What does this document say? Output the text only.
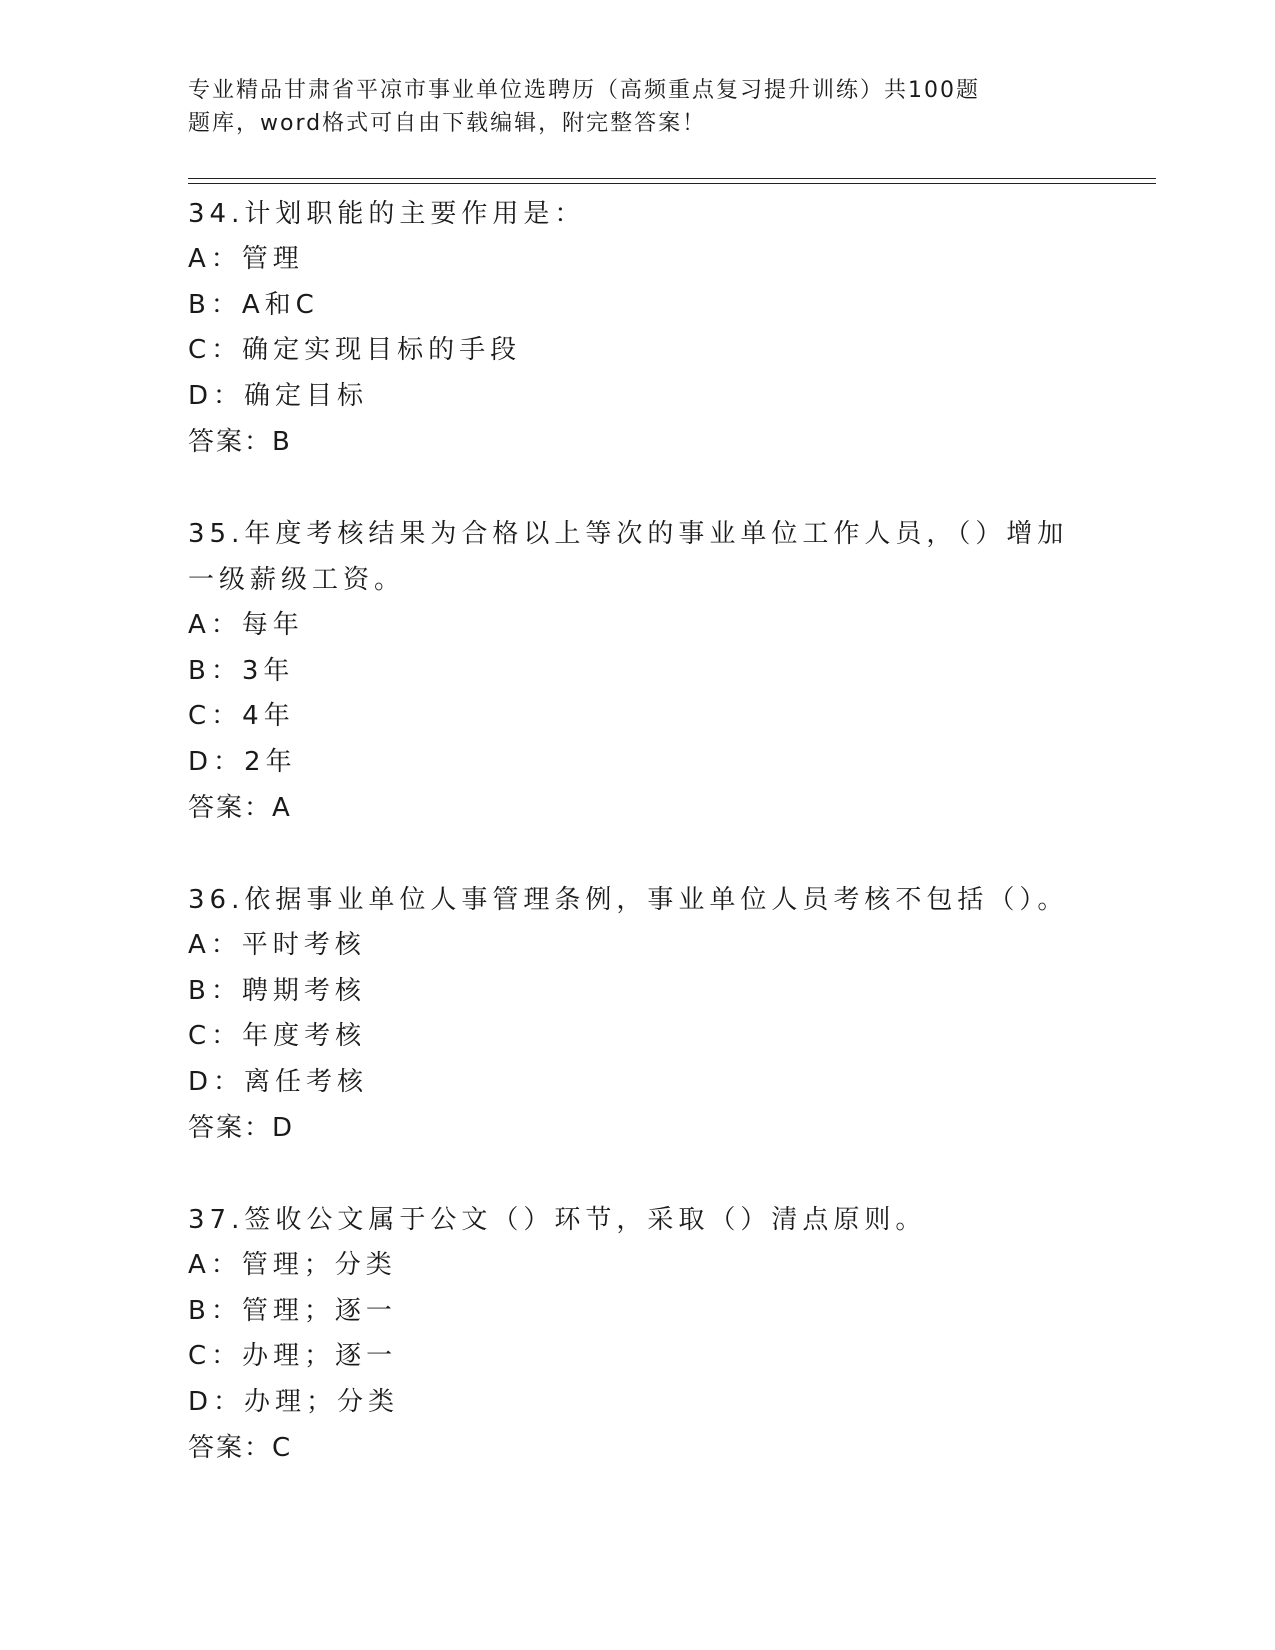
专业精品甘肃省平凉市事业单位选聘历（高频重点复习提升训练）共100题
题库，word格式可自由下载编辑，附完整答案！
34.计划职能的主要作用是：
A：管理
B：A和C
C：确定实现目标的手段
D：确定目标
答案：B
35.年度考核结果为合格以上等次的事业单位工作人员，（）增加一级薪级工资。
A：每年
B：3年
C：4年
D：2年
答案：A
36.依据事业单位人事管理条例，事业单位人员考核不包括（）。
A：平时考核
B：聘期考核
C：年度考核
D：离任考核
答案：D
37.签收公文属于公文（）环节，采取（）清点原则。
A：管理；分类
B：管理；逐一
C：办理；逐一
D：办理；分类
答案：C
